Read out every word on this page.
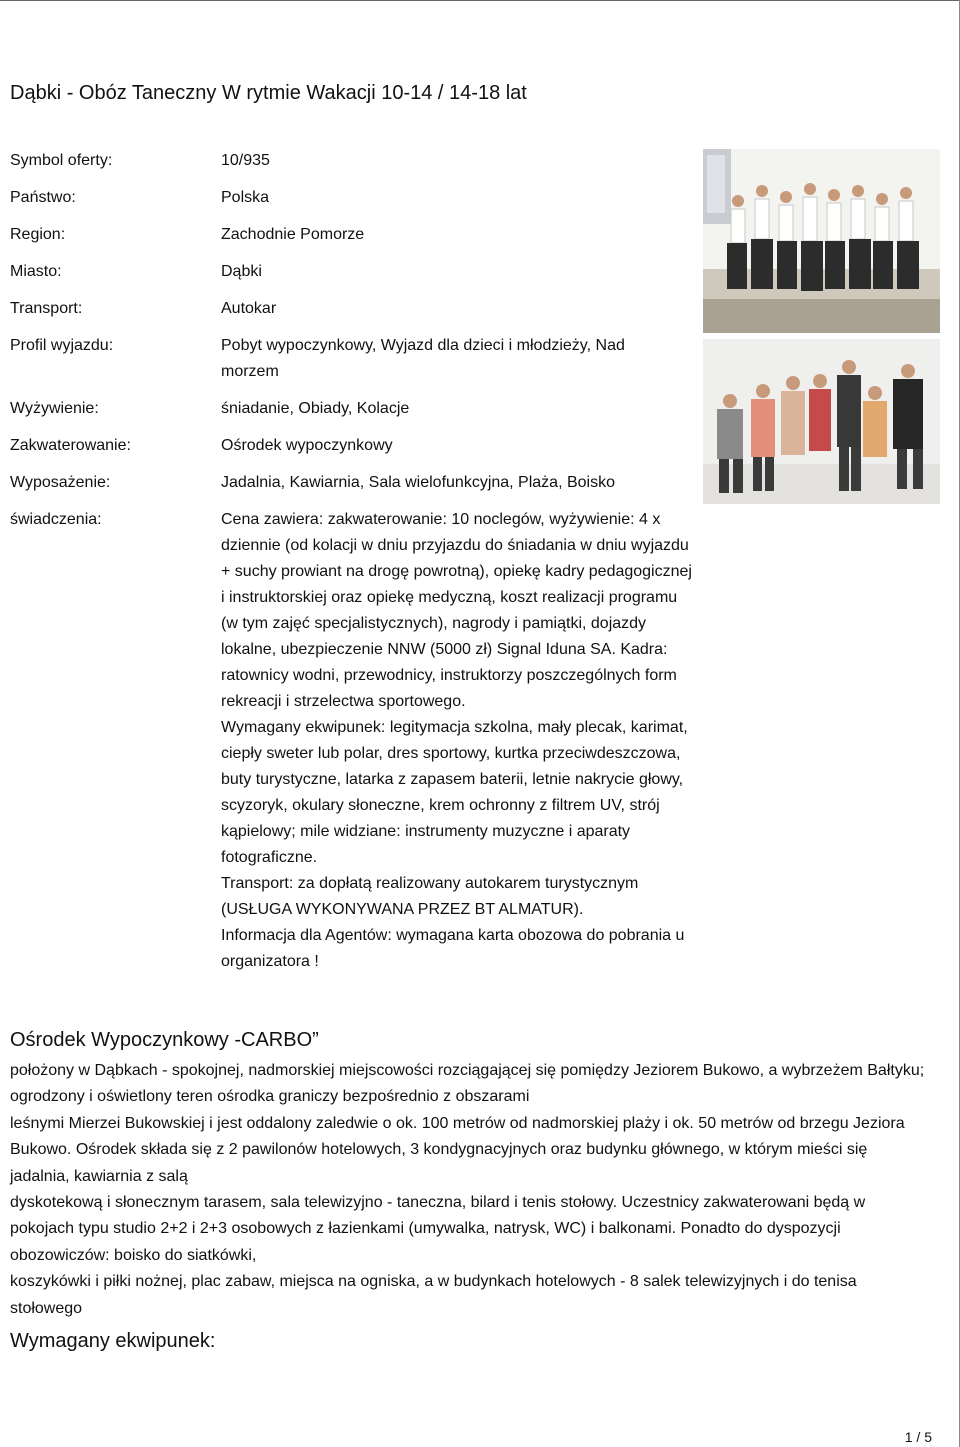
Dąbki - Obóz Taneczny W rytmie Wakacji 10-14 / 14-18 lat
Symbol oferty:	10/935
Państwo:	Polska
Region:	Zachodnie Pomorze
Miasto:	Dąbki
Transport:	Autokar
Profil wyjazdu:	Pobyt wypoczynkowy, Wyjazd dla dzieci i młodzieży, Nad morzem
Wyżywienie:	śniadanie, Obiady, Kolacje
Zakwaterowanie:	Ośrodek wypoczynkowy
Wyposażenie:	Jadalnia, Kawiarnia, Sala wielofunkcyjna, Plaża, Boisko
świadczenia:	Cena zawiera: zakwaterowanie: 10 noclegów, wyżywienie: 4 x dziennie (od kolacji w dniu przyjazdu do śniadania w dniu wyjazdu + suchy prowiant na drogę powrotną), opiekę kadry pedagogicznej i instruktorskiej oraz opiekę medyczną, koszt realizacji programu (w tym zajęć specjalistycznych), nagrody i pamiątki, dojazdy lokalne, ubezpieczenie NNW (5000 zł) Signal Iduna SA. Kadra: ratownicy wodni, przewodnicy, instruktorzy poszczególnych form rekreacji i strzelectwa sportowego.
Wymagany ekwipunek: legitymacja szkolna, mały plecak, karimat, ciepły sweter lub polar, dres sportowy, kurtka przeciwdeszczowa, buty turystyczne, latarka z zapasem baterii, letnie nakrycie głowy, scyzoryk, okulary słoneczne, krem ochronny z filtrem UV, strój kąpielowy; mile widziane: instrumenty muzyczne i aparaty fotograficzne.
Transport: za dopłatą realizowany autokarem turystycznym (USŁUGA WYKONYWANA PRZEZ BT ALMATUR).
Informacja dla Agentów: wymagana karta obozowa do pobrania u organizatora !
Ośrodek Wypoczynkowy -CARBO”
położony w Dąbkach - spokojnej, nadmorskiej miejscowości rozciągającej się pomiędzy Jeziorem Bukowo, a wybrzeżem Bałtyku; ogrodzony i oświetlony teren ośrodka graniczy bezpośrednio z obszarami
leśnymi Mierzei Bukowskiej i jest oddalony zaledwie o ok. 100 metrów od nadmorskiej plaży i ok. 50 metrów od brzegu Jeziora Bukowo. Ośrodek składa się z 2 pawilonów hotelowych, 3 kondygnacyjnych oraz budynku głównego, w którym mieści się jadalnia, kawiarnia z salą
dyskotekową i słonecznym tarasem, sala telewizyjno - taneczna, bilard i tenis stołowy. Uczestnicy zakwaterowani będą w pokojach typu studio 2+2 i 2+3 osobowych z łazienkami (umywalka, natrysk, WC) i balkonami. Ponadto do dyspozycji obozowiczów: boisko do siatkówki,
koszykówki i piłki nożnej, plac zabaw, miejsca na ogniska, a w budynkach hotelowych - 8 salek telewizyjnych i do tenisa stołowego
Wymagany ekwipunek:
1 / 5
